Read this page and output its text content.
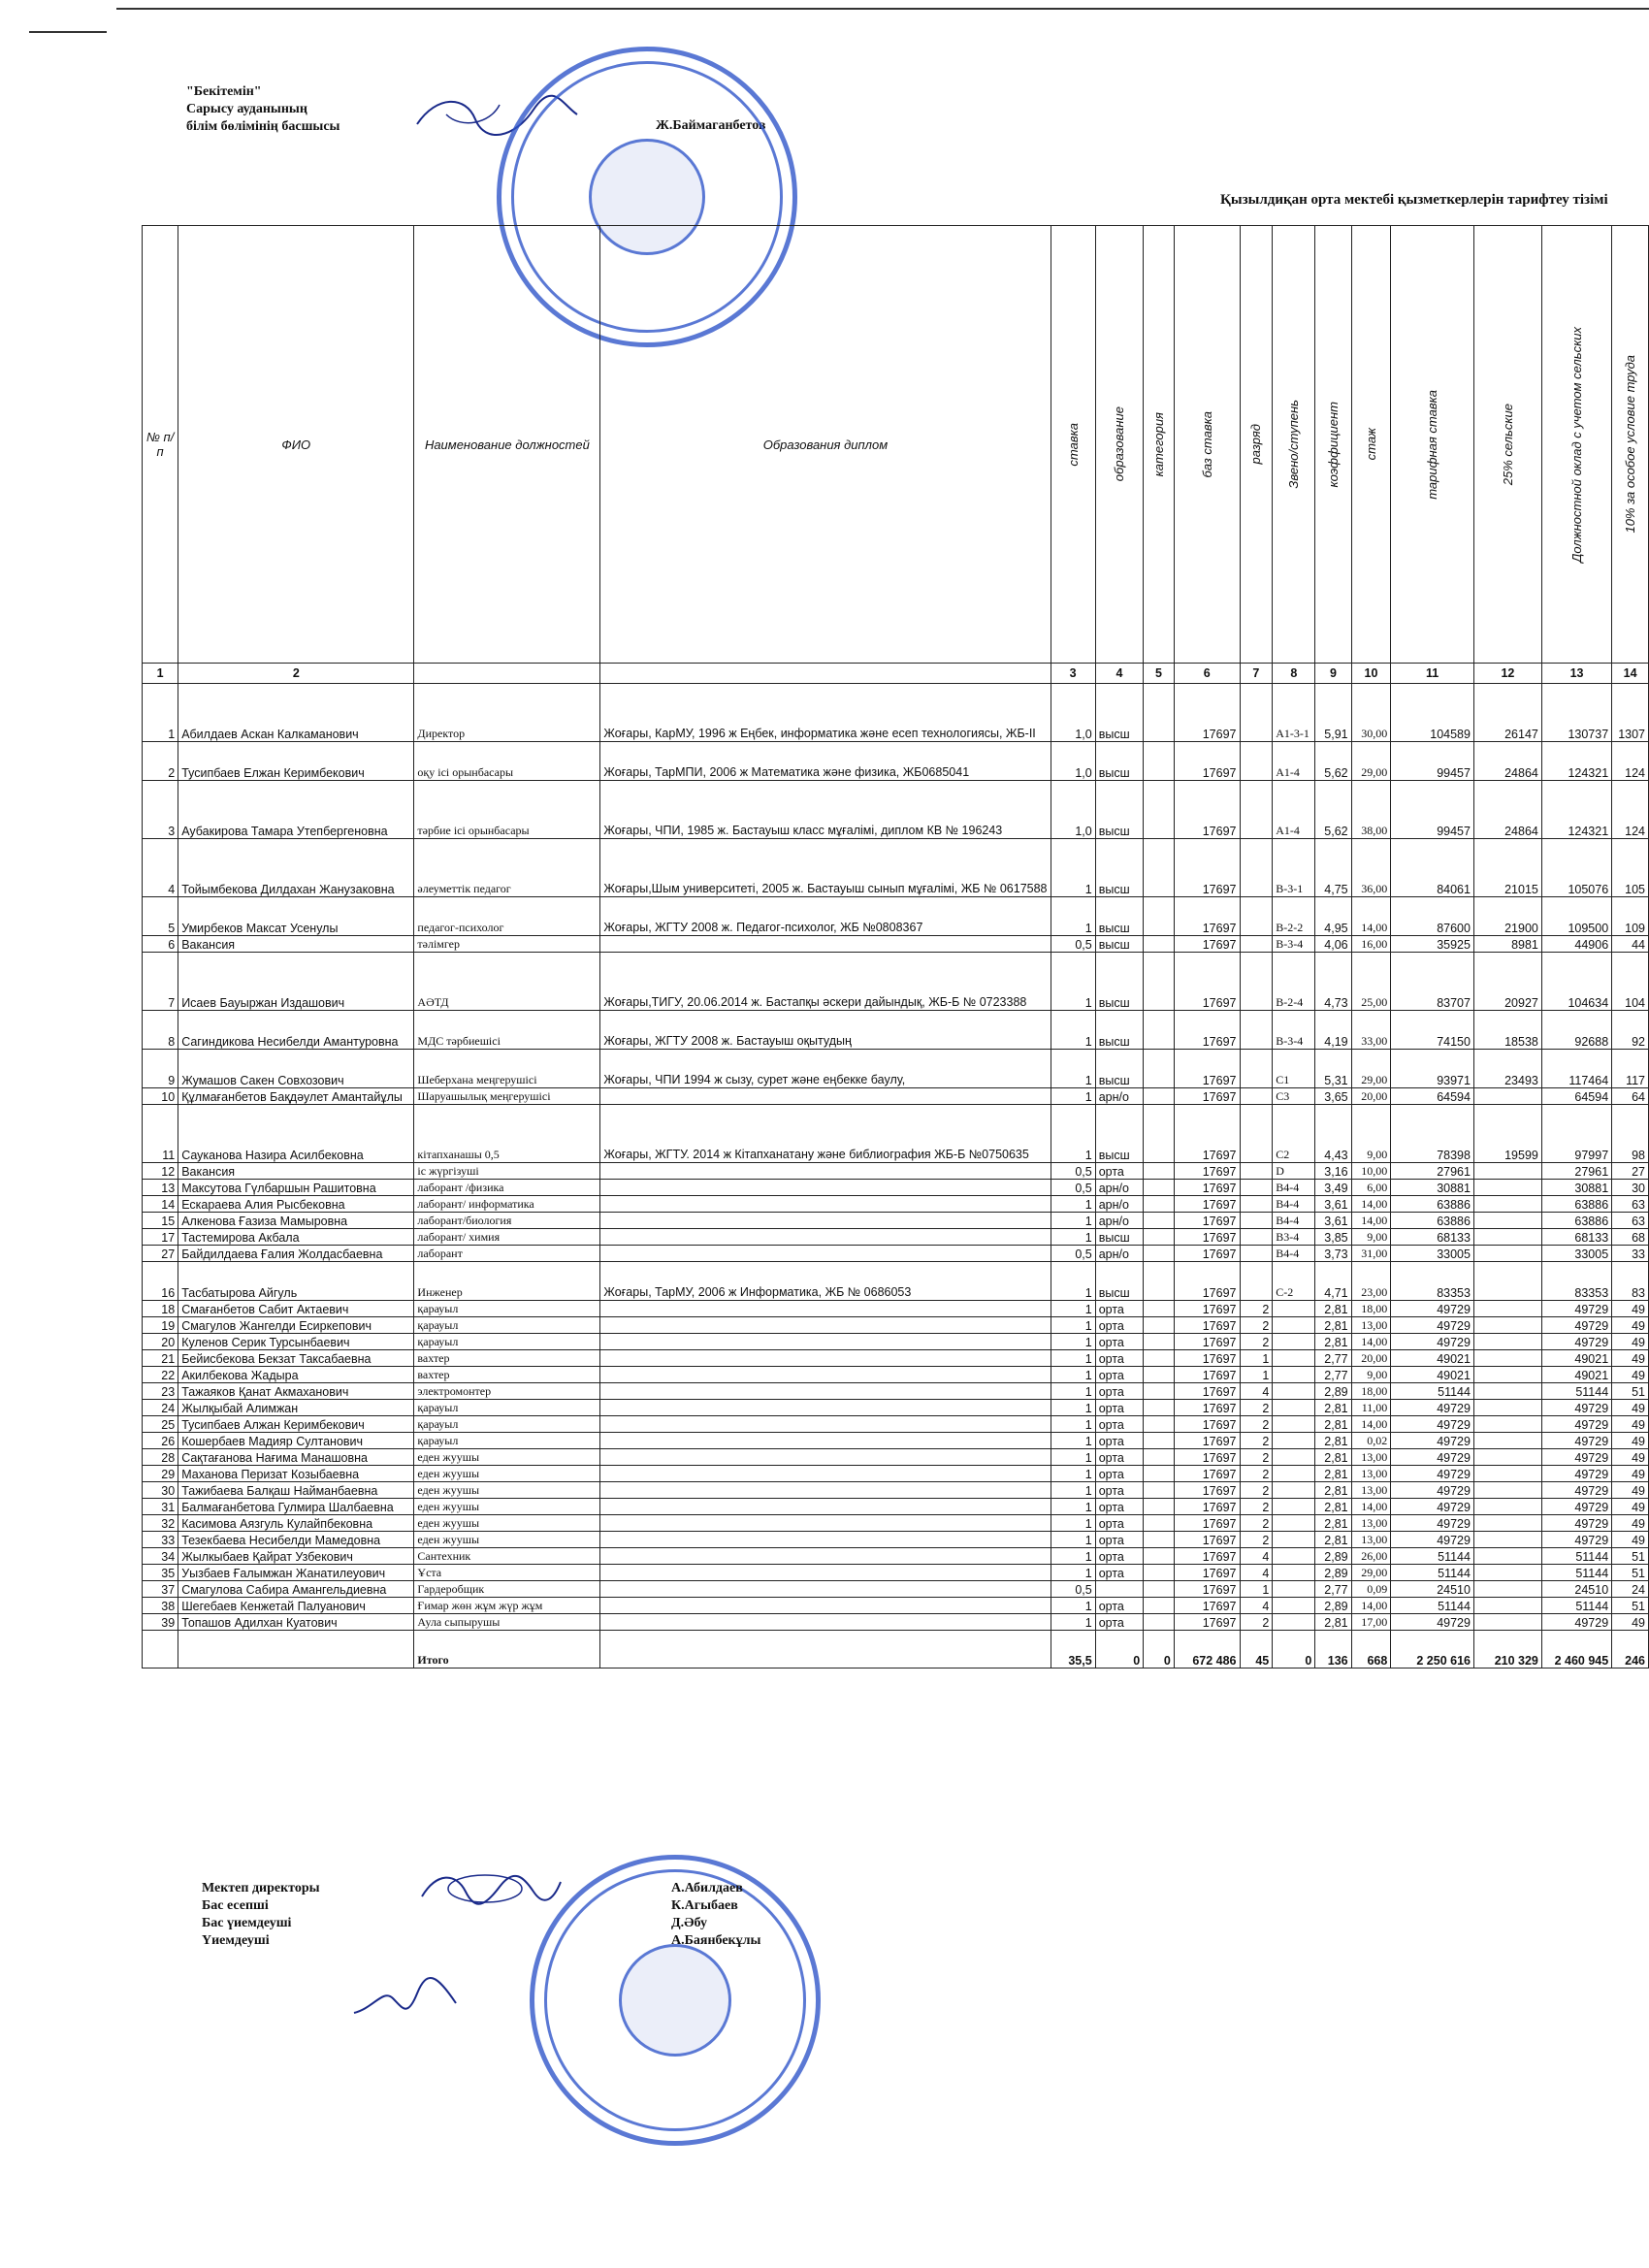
"Бекітемін"
Сарысу ауданының
білім бөлімінің басшысы	Ж.Баймаганбетов
Қызылдиқан орта мектебі қызметкерлерін тарифтеу тізімі
№ п/п	ФИО	Наименование должностей	Образования диплом	ставка	образование	категория	баз ставка	разряд	Звено/ступень	коэффициент	стаж	тарифная ставка	25% сельские	Должностной оклад с учетом сельских	10% за особое условие труда

1	2			3	4	5	6	7	8	9	10	11	12	13	14
1	Абилдаев Аскан Калкаманович	Директор	Жоғары, КарМУ, 1996 ж Еңбек, информатика және есеп технологиясы, ЖБ-II	1,0	высш		17697		А1-3-1	5,91	30,00	104589	26147	130737	1307
2	Тусипбаев Елжан Керимбекович	оқу ісі орынбасары	Жоғары, ТарМПИ, 2006 ж Математика және физика, ЖБ0685041	1,0	высш		17697		А1-4	5,62	29,00	99457	24864	124321	124
3	Аубакирова Тамара Утепбергеновна	тәрбие ісі орынбасары	Жоғары, ЧПИ, 1985 ж. Бастауыш класс мұғалімі, диплом КВ № 196243	1,0	высш		17697		А1-4	5,62	38,00	99457	24864	124321	124
4	Тойымбекова Дилдахан Жанузаковна	әлеуметтік педагог	Жоғары,Шым университеті, 2005 ж. Бастауыш сынып мұғалімі, ЖБ № 0617588	1	высш		17697		В-3-1	4,75	36,00	84061	21015	105076	105
5	Умирбеков Максат Усенулы	педагог-психолог	Жоғары, ЖГТУ 2008 ж. Педагог-психолог, ЖБ №0808367	1	высш		17697		В-2-2	4,95	14,00	87600	21900	109500	109
6	Вакансия	тәлімгер		0,5	высш		17697		В-3-4	4,06	16,00	35925	8981	44906	44
7	Исаев Бауыржан Издашович	АӘТД	Жоғары,ТИГУ, 20.06.2014 ж. Бастапқы әскери дайындық, ЖБ-Б № 0723388	1	высш		17697		В-2-4	4,73	25,00	83707	20927	104634	104
8	Сагиндикова Несибелди Амантуровна	МДС тәрбиешісі	Жоғары, ЖГТУ 2008 ж. Бастауыш оқытудың	1	высш		17697		В-3-4	4,19	33,00	74150	18538	92688	92
9	Жумашов Сакен Совхозович	Шеберхана меңгерушісі	Жоғары, ЧПИ 1994 ж сызу, сурет және еңбекке баулу,	1	высш		17697		С1	5,31	29,00	93971	23493	117464	117
10	Құлмағанбетов Бақдәулет Амантайұлы	Шаруашылық меңгерушісі		1	арн/о		17697		С3	3,65	20,00	64594		64594	64
11	Сауканова Назира Асилбековна	кітапханашы 0,5	Жоғары, ЖГТУ. 2014 ж Кітапханатану және библиография ЖБ-Б №0750635	1	высш		17697		С2	4,43	9,00	78398	19599	97997	98
12	Вакансия	іс жүргізуші		0,5	орта		17697		D	3,16	10,00	27961		27961	27
13	Максутова Гүлбаршын Рашитовна	лаборант /физика		0,5	арн/о		17697		В4-4	3,49	6,00	30881		30881	30
14	Ескараева Алия Рысбековна	лаборант/ информатика		1	арн/о		17697		В4-4	3,61	14,00	63886		63886	63
15	Алкенова Ғазиза Мамыровна	лаборант/биология		1	арн/о		17697		В4-4	3,61	14,00	63886		63886	63
17	Тастемирова Акбала	лаборант/ химия		1	высш		17697		В3-4	3,85	9,00	68133		68133	68
27	Байдилдаева Ғалия Жолдасбаевна	лаборант		0,5	арн/о		17697		В4-4	3,73	31,00	33005		33005	33
16	Тасбатырова Айгуль	Инженер	Жоғары, ТарМУ, 2006 ж Информатика, ЖБ № 0686053	1	высш		17697		С-2	4,71	23,00	83353		83353	83
18	Смағанбетов Сабит Актаевич	қарауыл		1	орта		17697	2		2,81	18,00	49729		49729	49
19	Смагулов Жангелди Есиркепович	қарауыл		1	орта		17697	2		2,81	13,00	49729		49729	49
20	Куленов Серик Турсынбаевич	қарауыл		1	орта		17697	2		2,81	14,00	49729		49729	49
21	Бейисбекова Бекзат Таксабаевна	вахтер		1	орта		17697	1		2,77	20,00	49021		49021	49
22	Акилбекова Жадыра	вахтер		1	орта		17697	1		2,77	9,00	49021		49021	49
23	Тажаяков Қанат Акмаханович	электромонтер		1	орта		17697	4		2,89	18,00	51144		51144	51
24	Жылқыбай Алимжан	қарауыл		1	орта		17697	2		2,81	11,00	49729		49729	49
25	Тусипбаев Алжан Керимбекович	қарауыл		1	орта		17697	2		2,81	14,00	49729		49729	49
26	Кошербаев Мадияр Султанович	қарауыл		1	орта		17697	2		2,81	0,02	49729		49729	49
28	Сақтағанова Нағима Манашовна	еден жуушы		1	орта		17697	2		2,81	13,00	49729		49729	49
29	Маханова Перизат Козыбаевна	еден жуушы		1	орта		17697	2		2,81	13,00	49729		49729	49
30	Тажибаева Балқаш Найманбаевна	еден жуушы		1	орта		17697	2		2,81	13,00	49729		49729	49
31	Балмағанбетова Гулмира Шалбаевна	еден жуушы		1	орта		17697	2		2,81	14,00	49729		49729	49
32	Касимова Аязгуль Кулайпбековна	еден жуушы		1	орта		17697	2		2,81	13,00	49729		49729	49
33	Тезекбаева Несибелди Мамедовна	еден жуушы		1	орта		17697	2		2,81	13,00	49729		49729	49
34	Жылкыбаев Қайрат Узбекович	Сантехник		1	орта		17697	4		2,89	26,00	51144		51144	51
35	Уызбаев Ғалымжан Жанатилеуович	Ұста		1	орта		17697	4		2,89	29,00	51144		51144	51
37	Смагулова Сабира Амангельдиевна	Гардеробщик		0,5			17697	1		2,77	0,09	24510		24510	24
38	Шегебаев Кенжетай Палуанович	Ғимар жөн жұм жүр жұм		1	орта		17697	4		2,89	14,00	51144		51144	51
39	Топашов Адилхан Куатович	Аула сыпырушы		1	орта		17697	2		2,81	17,00	49729		49729	49
		Итого		35,5	0	0	672 486	45	0	136	668	2 250 616	210 329	2 460 945	246
Мектеп директоры
Бас есепші
Бас үиемдеуші
Үиемдеуші
А.Абилдаев
К.Агыбаев
Д.Әбу
А.Баянбекұлы
